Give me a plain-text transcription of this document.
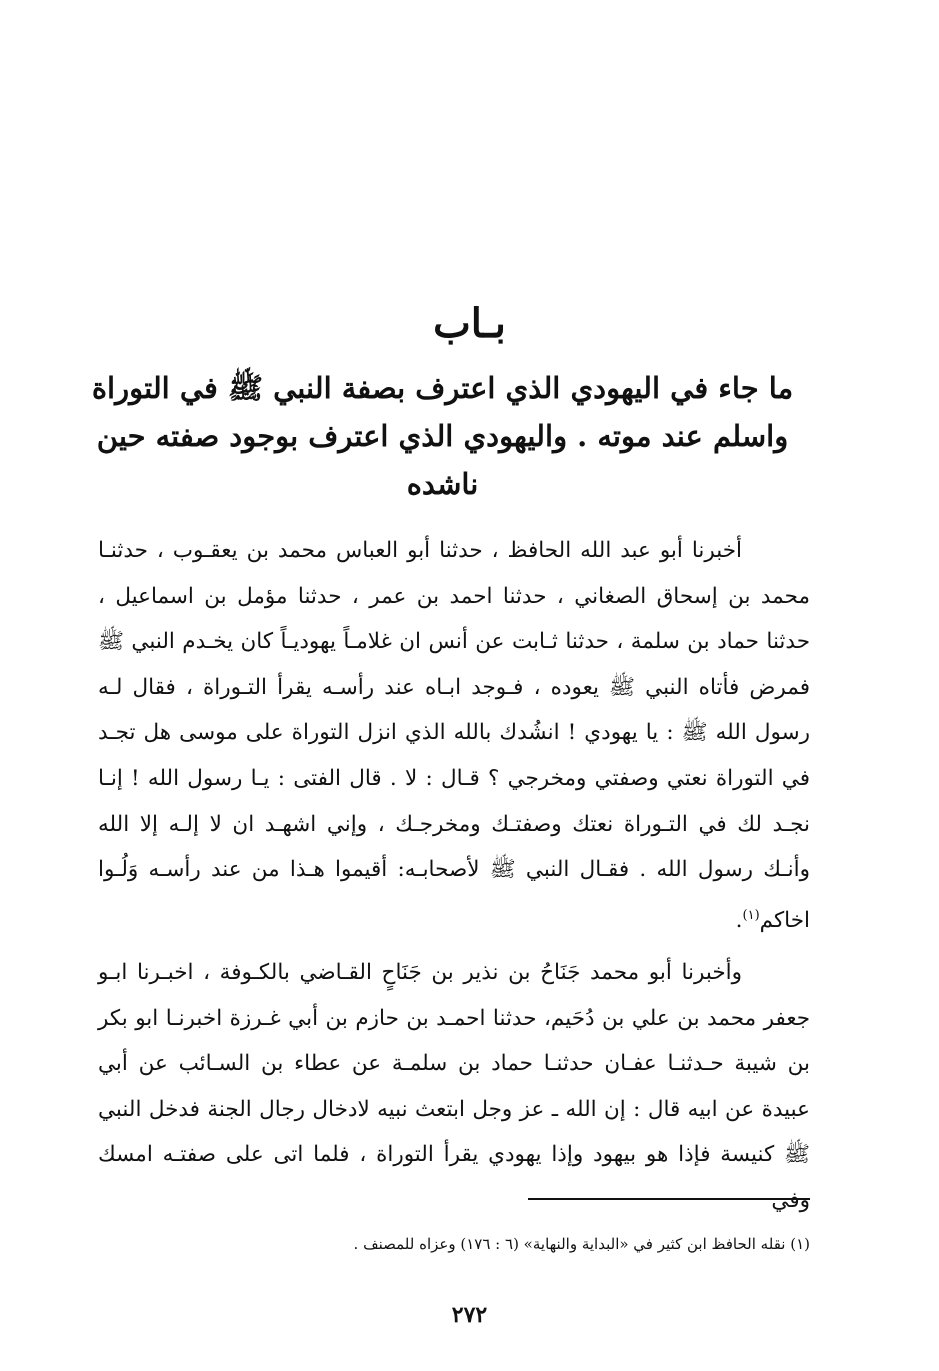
بـاب
ما جاء في اليهودي الذي اعترف بصفة النبي ﷺ في التوراة واسلم عند موته . واليهودي الذي اعترف بوجود صفته حين ناشده
أخبرنا أبو عبد الله الحافظ ، حدثنا أبو العباس محمد بن يعقـوب ، حدثنـا محمد بن إسحاق الصغاني ، حدثنا احمد بن عمر ، حدثنا مؤمل بن اسماعيل ، حدثنا حماد بن سلمة ، حدثنا ثـابت عن أنس ان غلامـاً يهوديـاً كان يخـدم النبي ﷺ فمرض فأتاه النبي ﷺ يعوده ، فـوجد ابـاه عند رأسـه يقرأ التـوراة ، فقال لـه رسول الله ﷺ : يا يهودي ! انشُدك بالله الذي انزل التوراة على موسى هل تجـد في التوراة نعتي وصفتي ومخرجي ؟ قـال : لا . قال الفتى : يـا رسول الله ! إنـا نجـد لك في التـوراة نعتك وصفتـك ومخرجـك ، وإني اشهـد ان لا إلـه إلا الله وأنـك رسول الله . فقـال النبي ﷺ لأصحابـه: أقيموا هـذا من عند رأسـه وَلُـوا اخاكم$^{(١)}$.
وأخبرنا أبو محمد جَنَاحُ بن نذير بن جَنَاحٍ القـاضي بالكـوفة ، اخبـرنا ابـو جعفر محمد بن علي بن دُحَيم، حدثنا احمـد بن حازم بن أبي غـرزة اخبرنـا ابو بكر بن شيبة حـدثنـا عفـان حدثنـا حماد بن سلمـة عن عطاء بن السـائب عن أبي عبيدة عن ابيه قال : إن الله ـ عز وجل ابتعث نبيه لادخال رجال الجنة فدخل النبي ﷺ كنيسة فإذا هو بيهود وإذا يهودي يقرأ التوراة ، فلما اتى على صفتـه امسك وفي
(١) نقله الحافظ ابن كثير في «البداية والنهاية» (٦ : ١٧٦) وعزاه للمصنف .
٢٧٢
